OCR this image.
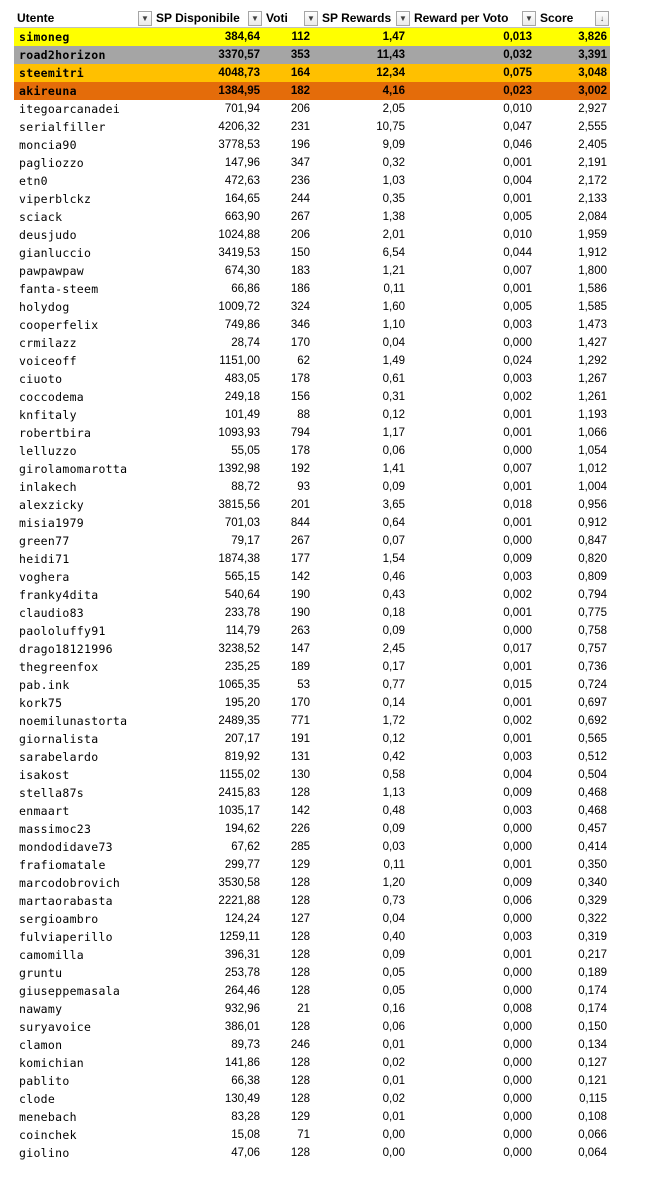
Utente	▼ SP Disponibile	▼ Voti	▼ SP Rewards ▼ Reward per Voto	▼ Score	↓
simoneg	384,64	112	1,47	0,013	3,826
road2horizon	3370,57	353	11,43	0,032	3,391
steemitri	4048,73	164	12,34	0,075	3,048
akireuna	1384,95	182	4,16	0,023	3,002
itegoarcanadei	701,94	206	2,05	0,010	2,927
serialfiller	4206,32	231	10,75	0,047	2,555
moncia90	3778,53	196	9,09	0,046	2,405
pagliozzo	147,96	347	0,32	0,001	2,191
etn0	472,63	236	1,03	0,004	2,172
viperblckz	164,65	244	0,35	0,001	2,133
sciack	663,90	267	1,38	0,005	2,084
deusjudo	1024,88	206	2,01	0,010	1,959
gianluccio	3419,53	150	6,54	0,044	1,912
pawpawpaw	674,30	183	1,21	0,007	1,800
fanta-steem	66,86	186	0,11	0,001	1,586
holydog	1009,72	324	1,60	0,005	1,585
cooperfelix	749,86	346	1,10	0,003	1,473
crmilazz	28,74	170	0,04	0,000	1,427
voiceoff	1151,00	62	1,49	0,024	1,292
ciuoto	483,05	178	0,61	0,003	1,267
coccodema	249,18	156	0,31	0,002	1,261
knfitaly	101,49	88	0,12	0,001	1,193
robertbira	1093,93	794	1,17	0,001	1,066
lelluzzo	55,05	178	0,06	0,000	1,054
girolamomarotta	1392,98	192	1,41	0,007	1,012
inlakech	88,72	93	0,09	0,001	1,004
alexzicky	3815,56	201	3,65	0,018	0,956
misia1979	701,03	844	0,64	0,001	0,912
green77	79,17	267	0,07	0,000	0,847
heidi71	1874,38	177	1,54	0,009	0,820
voghera	565,15	142	0,46	0,003	0,809
franky4dita	540,64	190	0,43	0,002	0,794
claudio83	233,78	190	0,18	0,001	0,775
paololuffy91	114,79	263	0,09	0,000	0,758
drago18121996	3238,52	147	2,45	0,017	0,757
thegreenfox	235,25	189	0,17	0,001	0,736
pab.ink	1065,35	53	0,77	0,015	0,724
kork75	195,20	170	0,14	0,001	0,697
noemilunastorta	2489,35	771	1,72	0,002	0,692
giornalista	207,17	191	0,12	0,001	0,565
sarabelardo	819,92	131	0,42	0,003	0,512
isakost	1155,02	130	0,58	0,004	0,504
stella87s	2415,83	128	1,13	0,009	0,468
enmaart	1035,17	142	0,48	0,003	0,468
massimoc23	194,62	226	0,09	0,000	0,457
mondodidave73	67,62	285	0,03	0,000	0,414
frafiomatale	299,77	129	0,11	0,001	0,350
marcodobrovich	3530,58	128	1,20	0,009	0,340
martaorabasta	2221,88	128	0,73	0,006	0,329
sergioambro	124,24	127	0,04	0,000	0,322
fulviaperillo	1259,11	128	0,40	0,003	0,319
camomilla	396,31	128	0,09	0,001	0,217
gruntu	253,78	128	0,05	0,000	0,189
giuseppemasala	264,46	128	0,05	0,000	0,174
nawamy	932,96	21	0,16	0,008	0,174
suryavoice	386,01	128	0,06	0,000	0,150
clamon	89,73	246	0,01	0,000	0,134
komichian	141,86	128	0,02	0,000	0,127
pablito	66,38	128	0,01	0,000	0,121
clode	130,49	128	0,02	0,000	0,115
menebach	83,28	129	0,01	0,000	0,108
coinchek	15,08	71	0,00	0,000	0,066
giolino	47,06	128	0,00	0,000	0,064
